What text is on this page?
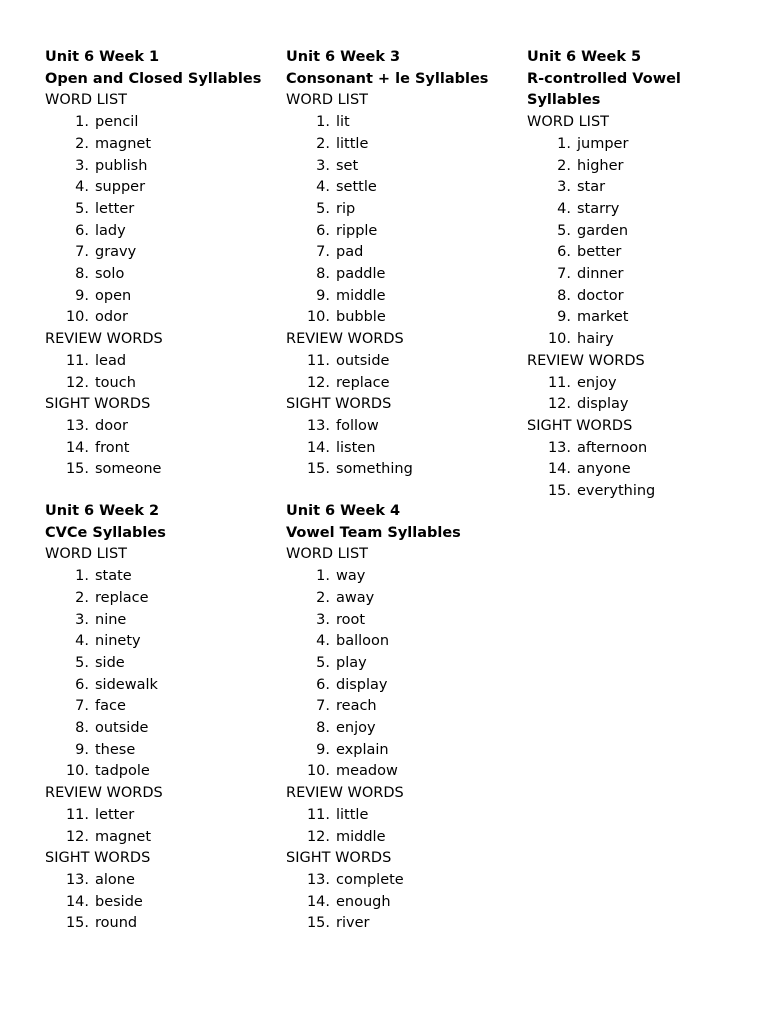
Unit 6 Week 1
Open and Closed Syllables
WORD LIST
1. pencil
2. magnet
3. publish
4. supper
5. letter
6. lady
7. gravy
8. solo
9. open
10. odor
REVIEW WORDS
11. lead
12. touch
SIGHT WORDS
13. door
14. front
15. someone
Unit 6 Week 3
Consonant + le Syllables
WORD LIST
1. lit
2. little
3. set
4. settle
5. rip
6. ripple
7. pad
8. paddle
9. middle
10. bubble
REVIEW WORDS
11. outside
12. replace
SIGHT WORDS
13. follow
14. listen
15. something
Unit 6 Week 5
R-controlled Vowel Syllables
WORD LIST
1. jumper
2. higher
3. star
4. starry
5. garden
6. better
7. dinner
8. doctor
9. market
10. hairy
REVIEW WORDS
11. enjoy
12. display
SIGHT WORDS
13. afternoon
14. anyone
15. everything
Unit 6 Week 2
CVCe Syllables
WORD LIST
1. state
2. replace
3. nine
4. ninety
5. side
6. sidewalk
7. face
8. outside
9. these
10. tadpole
REVIEW WORDS
11. letter
12. magnet
SIGHT WORDS
13. alone
14. beside
15. round
Unit 6 Week 4
Vowel Team Syllables
WORD LIST
1. way
2. away
3. root
4. balloon
5. play
6. display
7. reach
8. enjoy
9. explain
10. meadow
REVIEW WORDS
11. little
12. middle
SIGHT WORDS
13. complete
14. enough
15. river
